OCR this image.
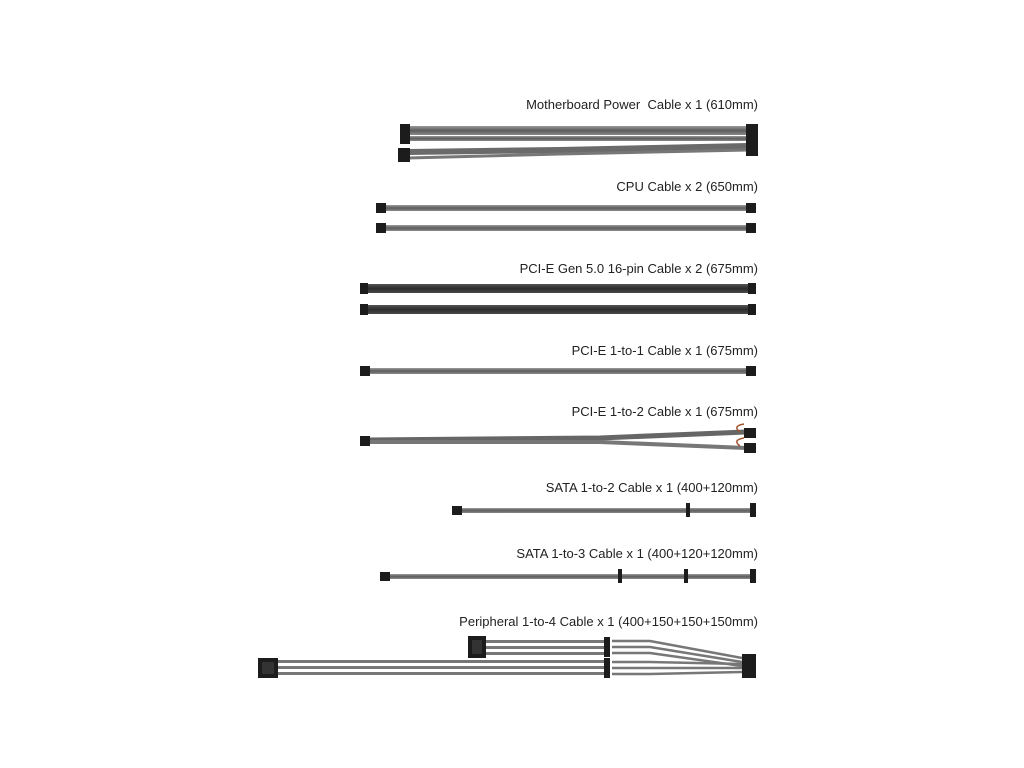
Motherboard Power  Cable x 1 (610mm)
CPU Cable x 2 (650mm)
PCI-E Gen 5.0 16-pin Cable x 2 (675mm)
PCI-E 1-to-1 Cable x 1 (675mm)
PCI-E 1-to-2 Cable x 1 (675mm)
SATA 1-to-2 Cable x 1 (400+120mm)
SATA 1-to-3 Cable x 1 (400+120+120mm)
Peripheral 1-to-4 Cable x 1 (400+150+150+150mm)
